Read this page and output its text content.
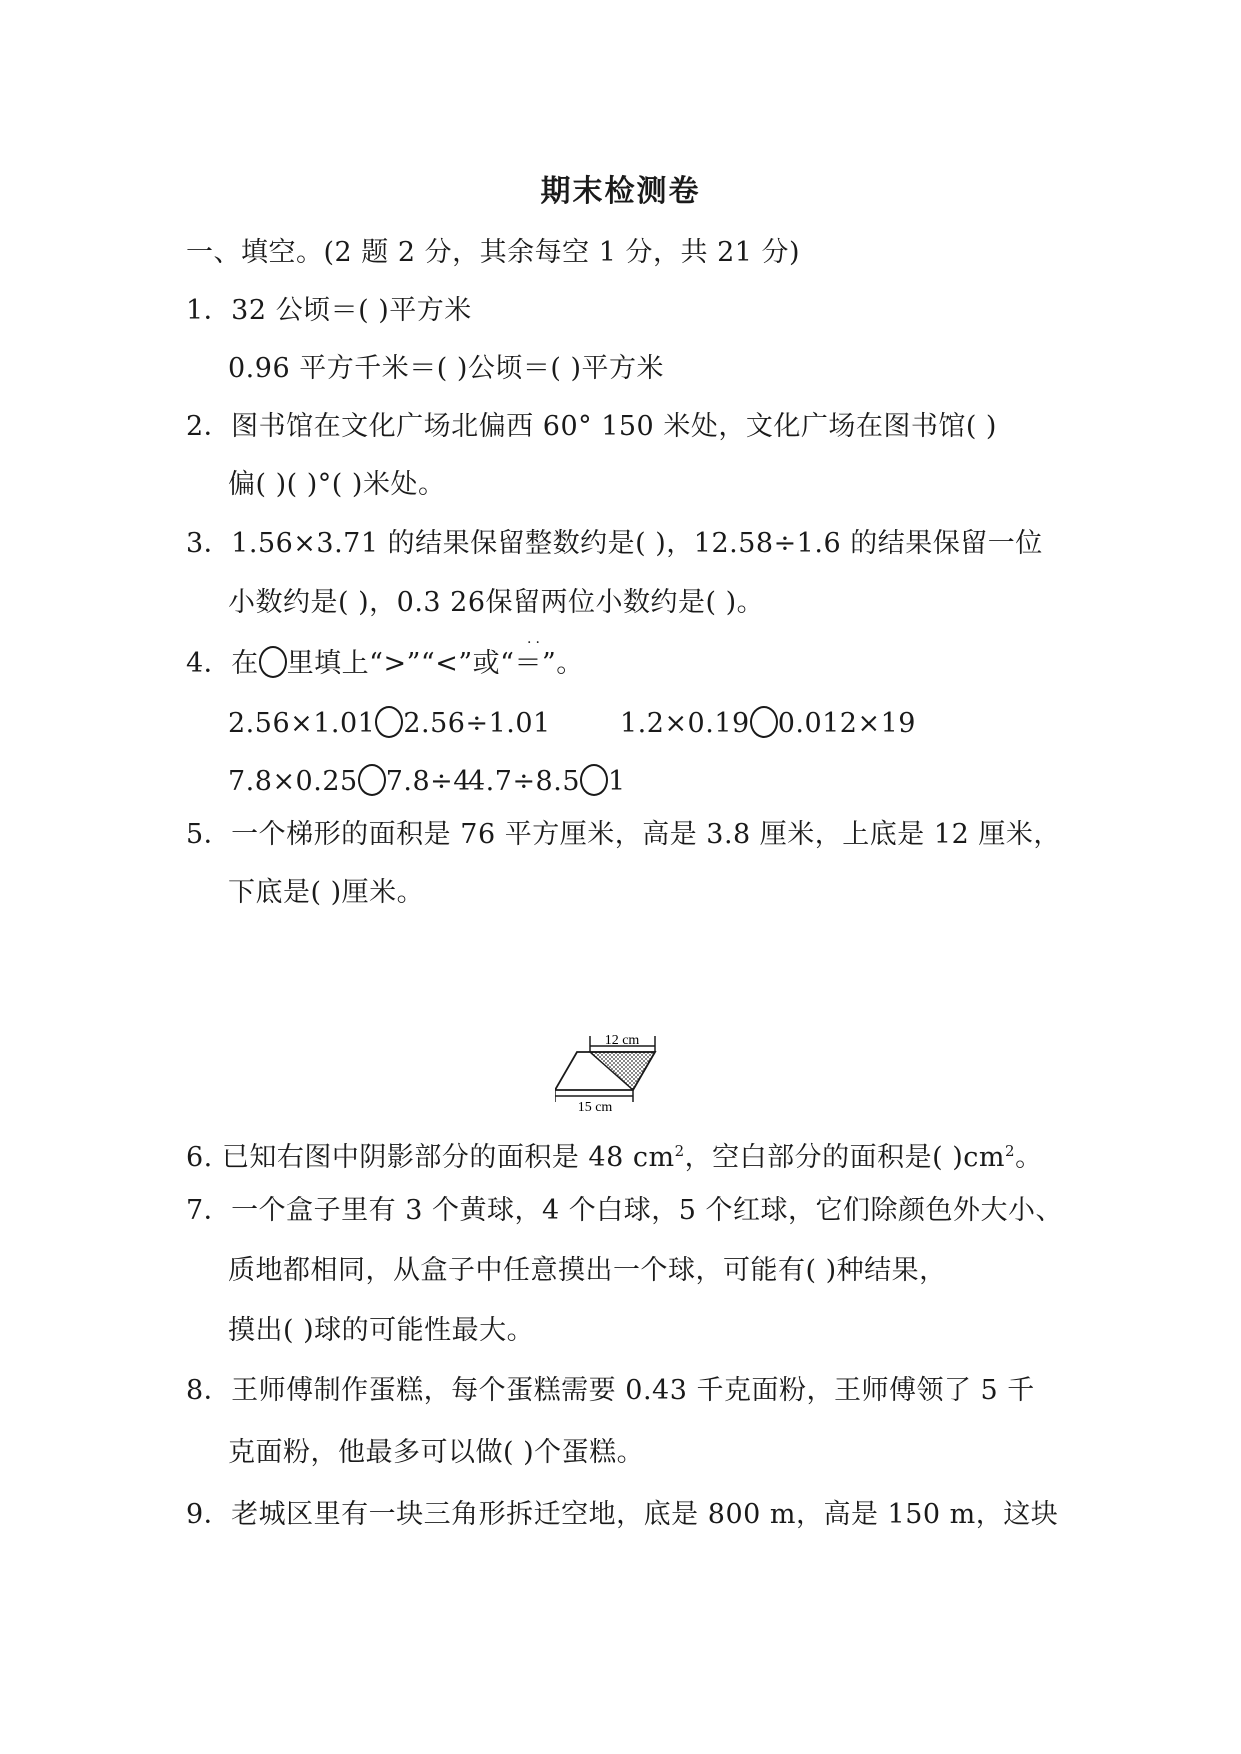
期末检测卷

一、填空。(2 题 2 分，其余每空 1 分，共 21 分)

1．32 公顷＝( )平方米

0.96 平方千米＝( )公顷＝( )平方米

2．图书馆在文化广场北偏西 60° 150 米处，文化广场在图书馆( )

偏( )( )°( )米处。

3．1.56×3.71 的结果保留整数约是( )，12.58÷1.6 的结果保留一位

··

小数约是( )，0.3 26保留两位小数约是( )。

4．在 里填上“>”“<”或“＝”。

2.56×1.01 2.56÷1.01	1.2×0.19 0.012×19

7.8×0.25 7.8÷4

4.7÷8.5 1

5．一个梯形的面积是 76 平方厘米，高是 3.8 厘米，上底是 12 厘米，

下底是( )厘米。

12 cm
15 cm

6. 已知右图中阴影部分的面积是 48 $cm^2$，空白部分的面积是( )$cm^2$。

7．一个盒子里有 3 个黄球，4 个白球，5 个红球，它们除颜色外大小、

质地都相同，从盒子中任意摸出一个球，可能有( )种结果，

摸出( )球的可能性最大。

8．王师傅制作蛋糕，每个蛋糕需要 0.43 千克面粉，王师傅领了 5 千

克面粉，他最多可以做( )个蛋糕。

9．老城区里有一块三角形拆迁空地，底是 800 m，高是 150 m，这块
